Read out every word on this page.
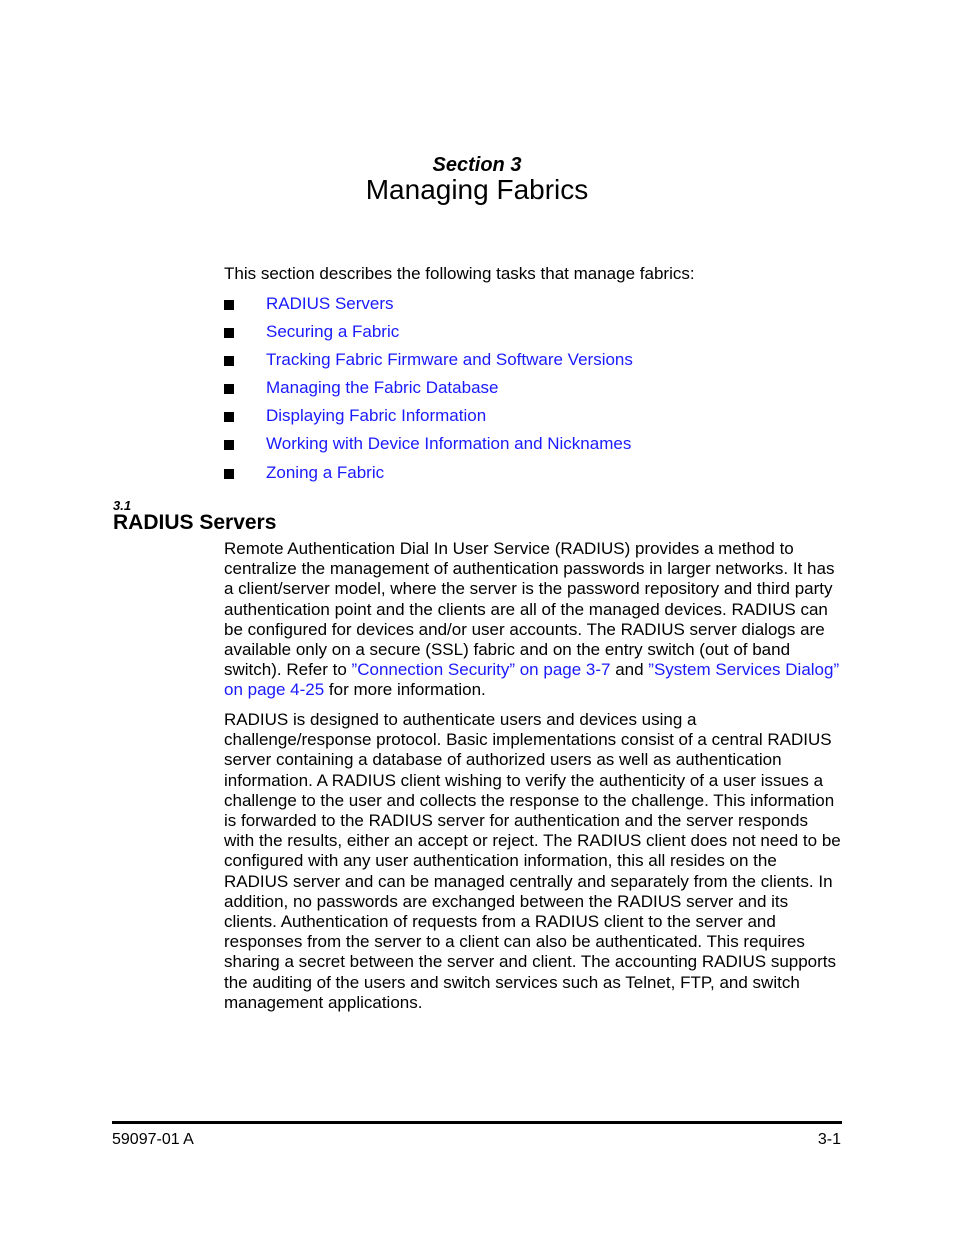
Section 3
Managing Fabrics
This section describes the following tasks that manage fabrics:
RADIUS Servers
Securing a Fabric
Tracking Fabric Firmware and Software Versions
Managing the Fabric Database
Displaying Fabric Information
Working with Device Information and Nicknames
Zoning a Fabric
3.1
RADIUS Servers

Remote Authentication Dial In User Service (RADIUS) provides a method to centralize the management of authentication passwords in larger networks. It has a client/server model, where the server is the password repository and third party authentication point and the clients are all of the managed devices. RADIUS can be configured for devices and/or user accounts. The RADIUS server dialogs are available only on a secure (SSL) fabric and on the entry switch (out of band switch). Refer to ”Connection Security” on page 3-7 and ”System Services Dialog” on page 4-25 for more information.

RADIUS is designed to authenticate users and devices using a challenge/response protocol. Basic implementations consist of a central RADIUS server containing a database of authorized users as well as authentication information. A RADIUS client wishing to verify the authenticity of a user issues a challenge to the user and collects the response to the challenge. This information is forwarded to the RADIUS server for authentication and the server responds with the results, either an accept or reject. The RADIUS client does not need to be configured with any user authentication information, this all resides on the RADIUS server and can be managed centrally and separately from the clients. In addition, no passwords are exchanged between the RADIUS server and its clients. Authentication of requests from a RADIUS client to the server and responses from the server to a client can also be authenticated. This requires sharing a secret between the server and client. The accounting RADIUS supports the auditing of the users and switch services such as Telnet, FTP, and switch management applications.

59097-01 A	3-1
